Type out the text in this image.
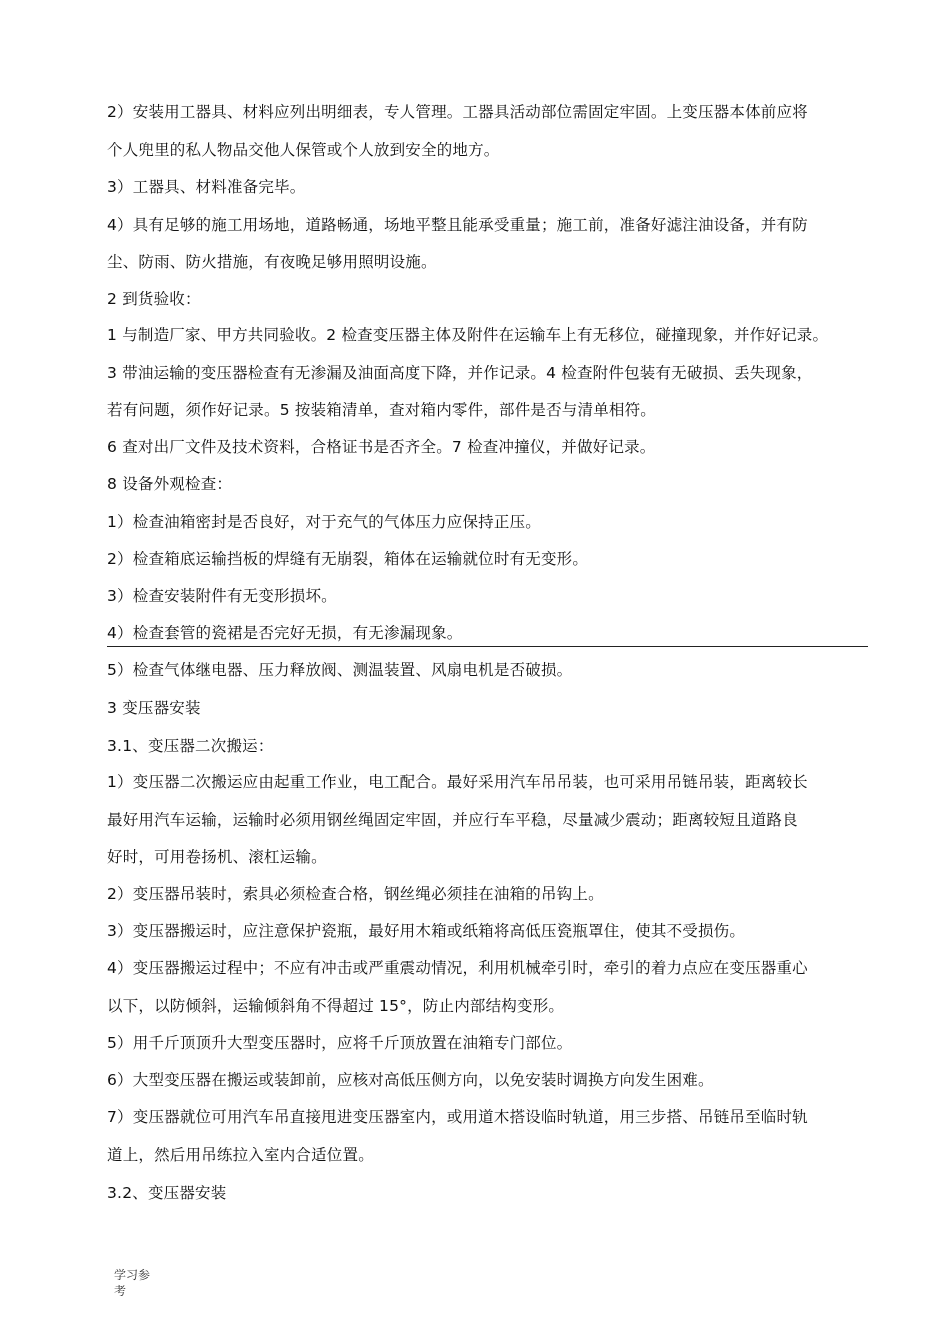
2）安装用工器具、材料应列出明细表，专人管理。工器具活动部位需固定牢固。上变压器本体前应将
个人兜里的私人物品交他人保管或个人放到安全的地方。
3）工器具、材料准备完毕。
4）具有足够的施工用场地，道路畅通，场地平整且能承受重量；施工前，准备好滤注油设备，并有防
尘、防雨、防火措施，有夜晚足够用照明设施。
2 到货验收：
1 与制造厂家、甲方共同验收。2 检查变压器主体及附件在运输车上有无移位，碰撞现象，并作好记录。
3 带油运输的变压器检查有无渗漏及油面高度下降，并作记录。4 检查附件包装有无破损、丢失现象，
若有问题，须作好记录。5 按装箱清单，查对箱内零件，部件是否与清单相符。
6 查对出厂文件及技术资料，合格证书是否齐全。7 检查冲撞仪，并做好记录。
8 设备外观检查：
1）检查油箱密封是否良好，对于充气的气体压力应保持正压。
2）检查箱底运输挡板的焊缝有无崩裂，箱体在运输就位时有无变形。
3）检查安装附件有无变形损坏。
4）检查套管的瓷裙是否完好无损，有无渗漏现象。
5）检查气体继电器、压力释放阀、测温装置、风扇电机是否破损。
3 变压器安装
3.1、变压器二次搬运：
1）变压器二次搬运应由起重工作业，电工配合。最好采用汽车吊吊装，也可采用吊链吊装，距离较长
最好用汽车运输，运输时必须用钢丝绳固定牢固，并应行车平稳，尽量减少震动；距离较短且道路良
好时，可用卷扬机、滚杠运输。
2）变压器吊装时，索具必须检查合格，钢丝绳必须挂在油箱的吊钩上。
3）变压器搬运时，应注意保护瓷瓶，最好用木箱或纸箱将高低压瓷瓶罩住，使其不受损伤。
4）变压器搬运过程中；不应有冲击或严重震动情况，利用机械牵引时，牵引的着力点应在变压器重心
以下，以防倾斜，运输倾斜角不得超过 15°，防止内部结构变形。
5）用千斤顶顶升大型变压器时，应将千斤顶放置在油箱专门部位。
6）大型变压器在搬运或装卸前，应核对高低压侧方向，以免安装时调换方向发生困难。
7）变压器就位可用汽车吊直接甩进变压器室内，或用道木搭设临时轨道，用三步搭、吊链吊至临时轨
道上，然后用吊练拉入室内合适位置。
3.2、变压器安装
学习参
考
